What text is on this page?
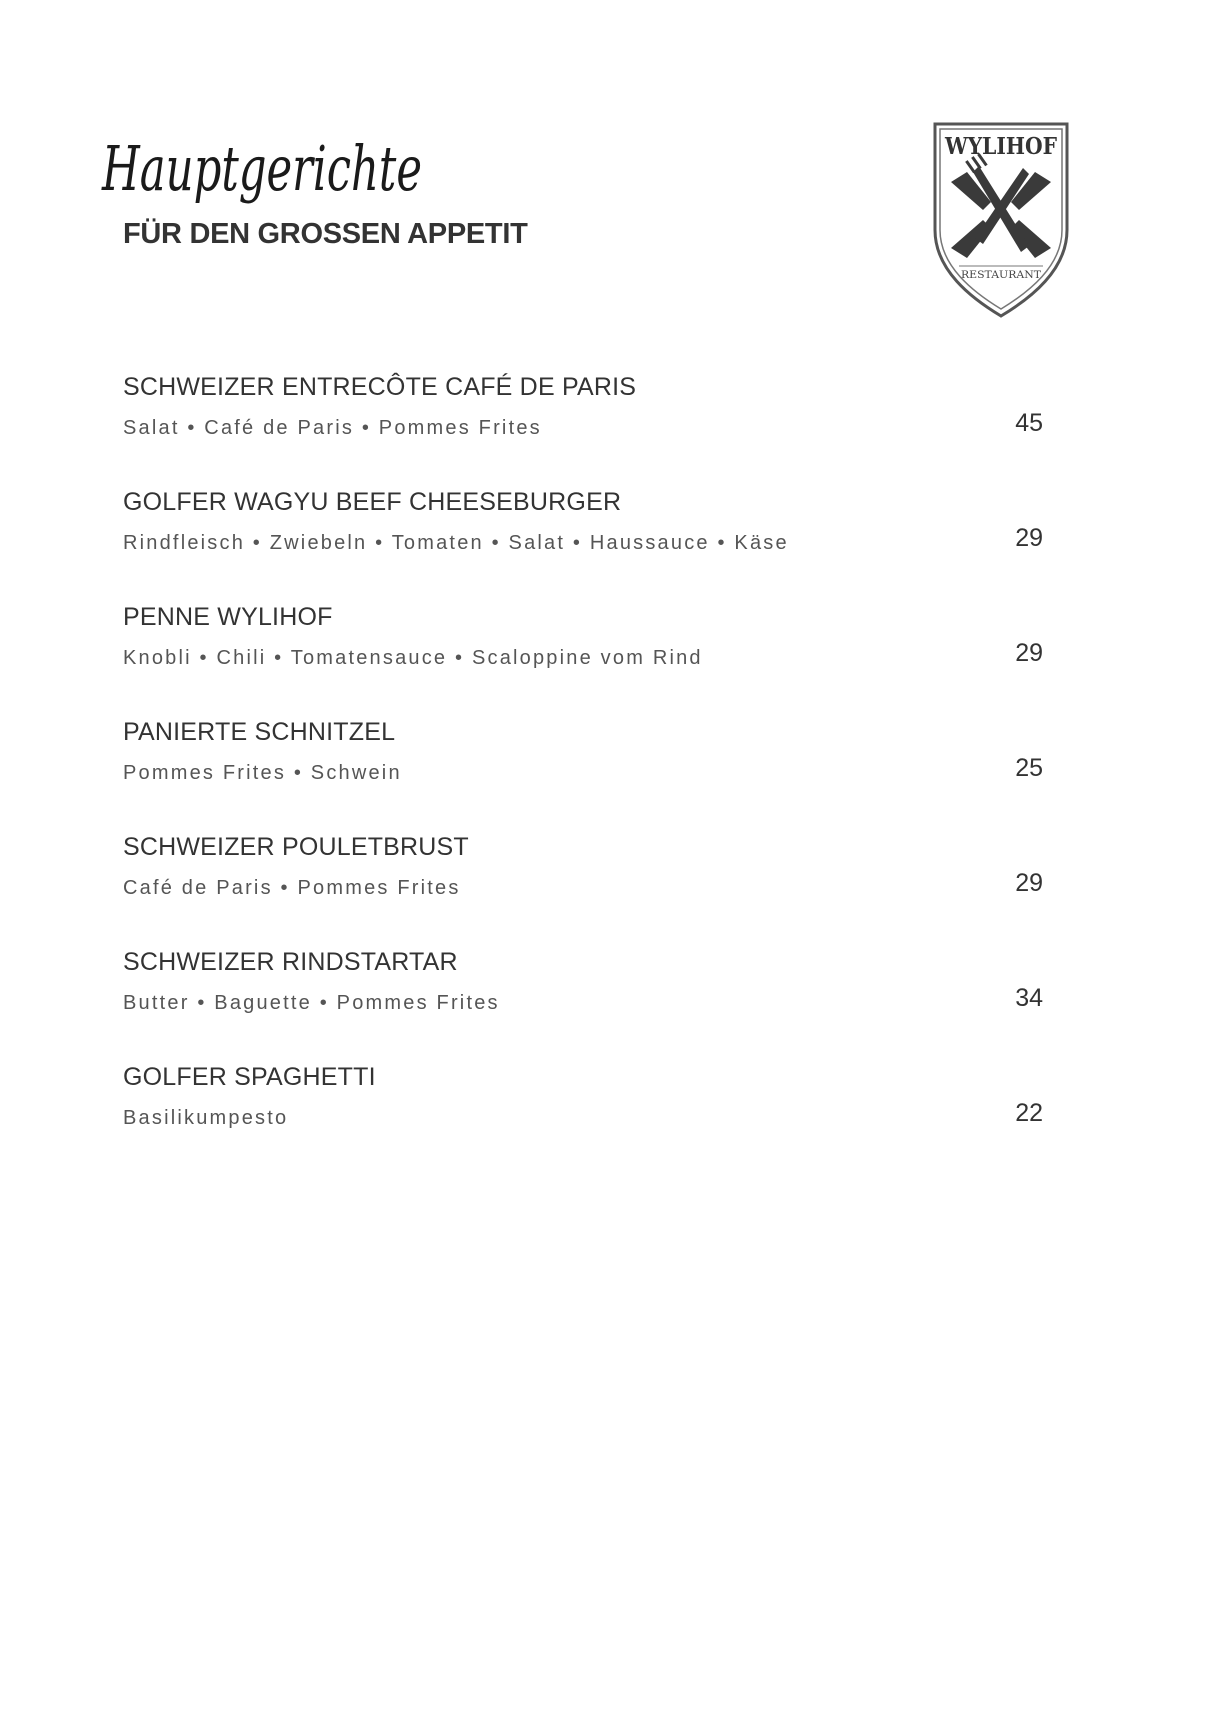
Hauptgerichte
FÜR DEN GROSSEN APPETIT
WYLIHOF
RESTAURANT
SCHWEIZER ENTRECÔTE CAFÉ DE PARIS
Salat • Café de Paris • Pommes Frites	45
GOLFER WAGYU BEEF CHEESEBURGER
Rindfleisch • Zwiebeln • Tomaten • Salat • Haussauce • Käse	29
PENNE WYLIHOF
Knobli • Chili • Tomatensauce • Scaloppine vom Rind	29
PANIERTE SCHNITZEL
Pommes Frites • Schwein	25
SCHWEIZER POULETBRUST
Café de Paris • Pommes Frites	29
SCHWEIZER RINDSTARTAR
Butter • Baguette • Pommes Frites	34
GOLFER SPAGHETTI
Basilikumpesto	22
